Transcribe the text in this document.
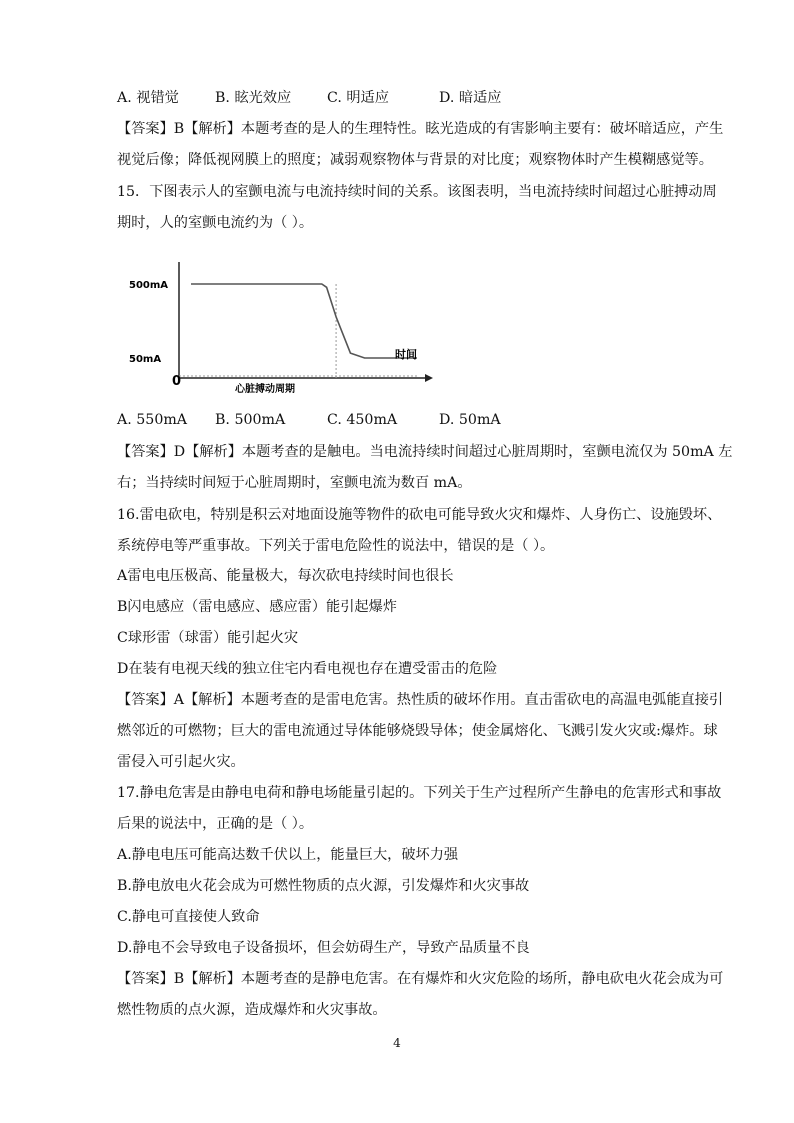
A. 视错觉	B. 眩光效应	C. 明适应	D. 暗适应
【答案】B【解析】本题考查的是人的生理特性。眩光造成的有害影响主要有：破坏暗适应，产生
视觉后像；降低视网膜上的照度；减弱观察物体与背景的对比度；观察物体时产生模糊感觉等。
15．下图表示人的室颤电流与电流持续时间的关系。该图表明，当电流持续时间超过心脏搏动周
期时，人的室颤电流约为（ ）。
500mA
50mA
0
心脏搏动周期
时间
A. 550mA B. 500mA	C. 450mA	D. 50mA
【答案】D【解析】本题考查的是触电。当电流持续时间超过心脏周期时，室颤电流仅为 50mA 左
右；当持续时间短于心脏周期时，室颤电流为数百 mA。
16.雷电砍电，特别是积云对地面设施等物件的砍电可能导致火灾和爆炸、人身伤亡、设施毁坏、
系统停电等严重事故。下列关于雷电危险性的说法中，错误的是（ ）。
A雷电电压极高、能量极大，每次砍电持续时间也很长
B闪电感应（雷电感应、感应雷）能引起爆炸
C球形雷（球雷）能引起火灾
D在装有电视天线的独立住宅内看电视也存在遭受雷击的危险
【答案】A【解析】本题考查的是雷电危害。热性质的破坏作用。直击雷砍电的高温电弧能直接引
燃邻近的可燃物；巨大的雷电流通过导体能够烧毁导体；使金属熔化、飞溅引发火灾或:爆炸。球
雷侵入可引起火灾。
17.静电危害是由静电电荷和静电场能量引起的。下列关于生产过程所产生静电的危害形式和事故
后果的说法中，正确的是（ ）。
A.静电电压可能高达数千伏以上，能量巨大，破坏力强
B.静电放电火花会成为可燃性物质的点火源，引发爆炸和火灾事故
C.静电可直接使人致命
D.静电不会导致电子设备损坏，但会妨碍生产，导致产品质量不良
【答案】B【解析】本题考查的是静电危害。在有爆炸和火灾危险的场所，静电砍电火花会成为可
燃性物质的点火源，造成爆炸和火灾事故。
4
